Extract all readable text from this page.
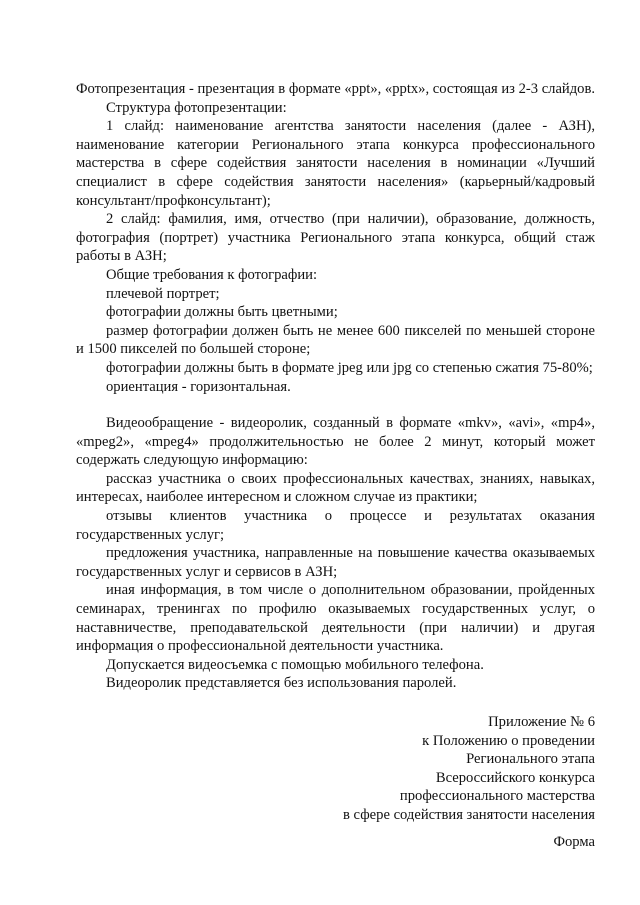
Фотопрезентация - презентация в формате «ppt», «pptx», состоящая из 2-3 слайдов.

Структура фотопрезентации:

1 слайд: наименование агентства занятости населения (далее - АЗН), наименование категории Регионального этапа конкурса профессионального мастерства в сфере содействия занятости населения в номинации «Лучший специалист в сфере содействия занятости населения» (карьерный/кадровый консультант/профконсультант);

2 слайд: фамилия, имя, отчество (при наличии), образование, должность, фотография (портрет) участника Регионального этапа конкурса, общий стаж работы в АЗН;

Общие требования к фотографии:

плечевой портрет;

фотографии должны быть цветными;

размер фотографии должен быть не менее 600 пикселей по меньшей стороне и 1500 пикселей по большей стороне;

фотографии должны быть в формате jpeg или jpg со степенью сжатия 75-80%;

ориентация - горизонтальная.

Видеообращение - видеоролик, созданный в формате «mkv», «avi», «mp4», «mpeg2», «mpeg4» продолжительностью не более 2 минут, который может содержать следующую информацию:

рассказ участника о своих профессиональных качествах, знаниях, навыках, интересах, наиболее интересном и сложном случае из практики;

отзывы клиентов участника о процессе и результатах оказания государственных услуг;

предложения участника, направленные на повышение качества оказываемых государственных услуг и сервисов в АЗН;

иная информация, в том числе о дополнительном образовании, пройденных семинарах, тренингах по профилю оказываемых государственных услуг, о наставничестве, преподавательской деятельности (при наличии) и другая информация о профессиональной деятельности участника.

Допускается видеосъемка с помощью мобильного телефона.

Видеоролик представляется без использования паролей.

Приложение № 6
к Положению о проведении
Регионального этапа
Всероссийского конкурса
профессионального мастерства
в сфере содействия занятости населения
Форма
